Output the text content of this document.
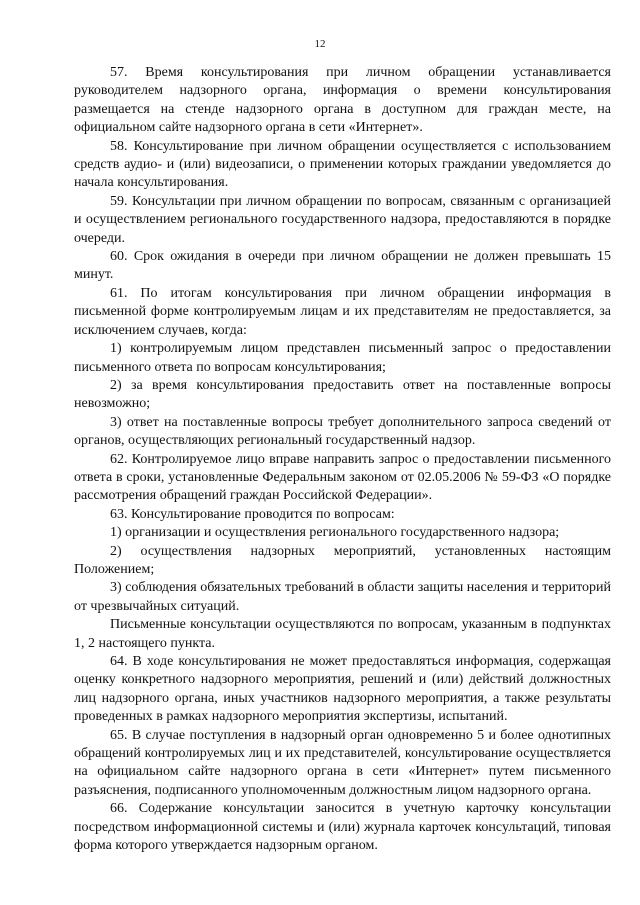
12

57. Время консультирования при личном обращении устанавливается руководителем надзорного органа, информация о времени консультирования размещается на стенде надзорного органа в доступном для граждан месте, на официальном сайте надзорного органа в сети «Интернет».

58. Консультирование при личном обращении осуществляется с использованием средств аудио- и (или) видеозаписи, о применении которых граждании уведомляется до начала консультирования.

59. Консультации при личном обращении по вопросам, связанным с организацией и осуществлением регионального государственного надзора, предоставляются в порядке очереди.

60. Срок ожидания в очереди при личном обращении не должен превышать 15 минут.

61. По итогам консультирования при личном обращении информация в письменной форме контролируемым лицам и их представителям не предоставляется, за исключением случаев, когда:

1) контролируемым лицом представлен письменный запрос о предоставлении письменного ответа по вопросам консультирования;

2) за время консультирования предоставить ответ на поставленные вопросы невозможно;

3) ответ на поставленные вопросы требует дополнительного запроса сведений от органов, осуществляющих региональный государственный надзор.

62. Контролируемое лицо вправе направить запрос о предоставлении письменного ответа в сроки, установленные Федеральным законом от 02.05.2006 № 59-ФЗ «О порядке рассмотрения обращений граждан Российской Федерации».

63. Консультирование проводится по вопросам:

1) организации и осуществления регионального государственного надзора;

2) осуществления надзорных мероприятий, установленных настоящим Положением;

3) соблюдения обязательных требований в области защиты населения и территорий от чрезвычайных ситуаций.

Письменные консультации осуществляются по вопросам, указанным в подпунктах 1, 2 настоящего пункта.

64. В ходе консультирования не может предоставляться информация, содержащая оценку конкретного надзорного мероприятия, решений и (или) действий должностных лиц надзорного органа, иных участников надзорного мероприятия, а также результаты проведенных в рамках надзорного мероприятия экспертизы, испытаний.

65. В случае поступления в надзорный орган одновременно 5 и более однотипных обращений контролируемых лиц и их представителей, консультирование осуществляется на официальном сайте надзорного органа в сети «Интернет» путем письменного разъяснения, подписанного уполномоченным должностным лицом надзорного органа.

66. Содержание консультации заносится в учетную карточку консультации посредством информационной системы и (или) журнала карточек консультаций, типовая форма которого утверждается надзорным органом.
